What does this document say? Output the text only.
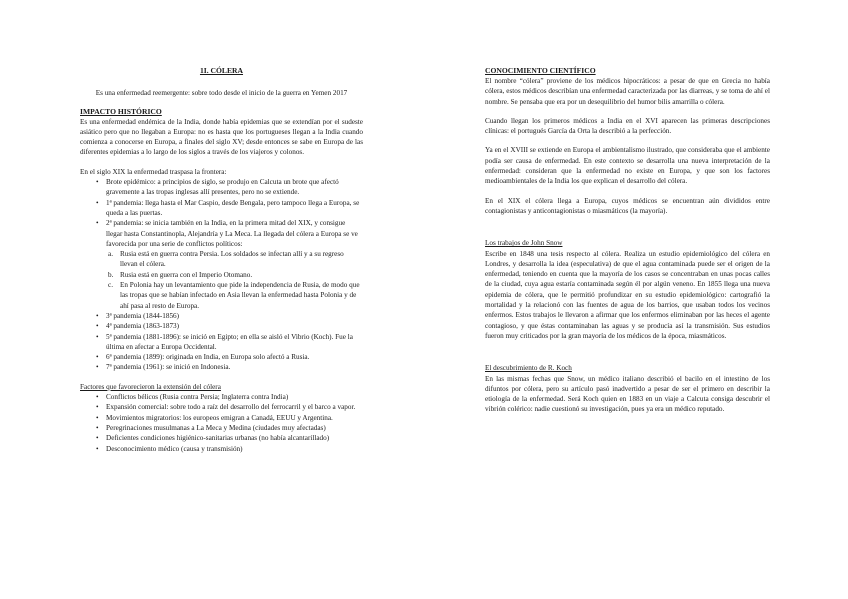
1I. CÓLERA

Es una enfermedad reemergente: sobre todo desde el inicio de la guerra en Yemen 2017

IMPACTO HISTÓRICO

Es una enfermedad endémica de la India, donde había epidemias que se extendían por el sudeste asiático pero que no llegaban a Europa: no es hasta que los portugueses llegan a la India cuando comienza a conocerse en Europa, a finales del siglo XV; desde entonces se sabe en Europa de las diferentes epidemias a lo largo de los siglos a través de los viajeros y colonos.

En el siglo XIX la enfermedad traspasa la frontera:

• Brote epidémico: a principios de siglo, se produjo en Calcuta un brote que afectó gravemente a las tropas inglesas allí presentes, pero no se extiende.
• 1ª pandemia: llega hasta el Mar Caspio, desde Bengala, pero tampoco llega a Europa, se queda a las puertas.
• 2ª pandemia: se inicia también en la India, en la primera mitad del XIX, y consigue llegar hasta Constantinopla, Alejandría y La Meca. La llegada del cólera a Europa se ve favorecida por una serie de conflictos políticos:
a. Rusia está en guerra contra Persia. Los soldados se infectan allí y a su regreso llevan el cólera.
b. Rusia está en guerra con el Imperio Otomano.
c. En Polonia hay un levantamiento que pide la independencia de Rusia, de modo que las tropas que se habían infectado en Asia llevan la enfermedad hasta Polonia y de ahí pasa al resto de Europa.
• 3ª pandemia (1844-1856)
• 4ª pandemia (1863-1873)
• 5ª pandemia (1881-1896): se inició en Egipto; en ella se aisló el Vibrio (Koch). Fue la última en afectar a Europa Occidental.
• 6ª pandemia (1899): originada en India, en Europa solo afectó a Rusia.
• 7ª pandemia (1961): se inició en Indonesia.

Factores que favorecieron la extensión del cólera

• Conflictos bélicos (Rusia contra Persia; Inglaterra contra India)
• Expansión comercial: sobre todo a raíz del desarrollo del ferrocarril y el barco a vapor.
• Movimientos migratorios: los europeos emigran a Canadá, EEUU y Argentina.
• Peregrinaciones musulmanas a La Meca y Medina (ciudades muy afectadas)
• Deficientes condiciones higiénico-sanitarias urbanas (no había alcantarillado)
• Desconocimiento médico (causa y transmisión)

CONOCIMIENTO CIENTÍFICO

El nombre “cólera” proviene de los médicos hipocráticos: a pesar de que en Grecia no había cólera, estos médicos describían una enfermedad caracterizada por las diarreas, y se toma de ahí el nombre. Se pensaba que era por un desequilibrio del humor bilis amarrilla o cólera.

Cuando llegan los primeros médicos a India en el XVI aparecen las primeras descripciones clínicas: el portugués García da Orta la describió a la perfección.

Ya en el XVIII se extiende en Europa el ambientalismo ilustrado, que consideraba que el ambiente podía ser causa de enfermedad. En este contexto se desarrolla una nueva interpretación de la enfermedad: consideran que la enfermedad no existe en Europa, y que son los factores medioambientales de la India los que explican el desarrollo del cólera.

En el XIX el cólera llega a Europa, cuyos médicos se encuentran aún divididos entre contagionistas y anticontagionistas o miasmáticos (la mayoría).

Los trabajos de John Snow

Escribe en 1848 una tesis respecto al cólera. Realiza un estudio epidemiológico del cólera en Londres, y desarrolla la idea (especulativa) de que el agua contaminada puede ser el origen de la enfermedad, teniendo en cuenta que la mayoría de los casos se concentraban en unas pocas calles de la ciudad, cuya agua estaría contaminada según él por algún veneno. En 1855 llega una nueva epidemia de cólera, que le permitió profundizar en su estudio epidemiológico: cartografió la mortalidad y la relacionó con las fuentes de agua de los barrios, que usaban todos los vecinos enfermos. Estos trabajos le llevaron a afirmar que los enfermos eliminaban por las heces el agente contagioso, y que éstas contaminaban las aguas y se producía así la transmisión. Sus estudios fueron muy criticados por la gran mayoría de los médicos de la época, miasmáticos.

El descubrimiento de R. Koch

En las mismas fechas que Snow, un médico italiano describió el bacilo en el intestino de los difuntos por cólera, pero su artículo pasó inadvertido a pesar de ser el primero en describir la etiología de la enfermedad. Será Koch quien en 1883 en un viaje a Calcuta consiga descubrir el vibrión colérico: nadie cuestionó su investigación, pues ya era un médico reputado.
